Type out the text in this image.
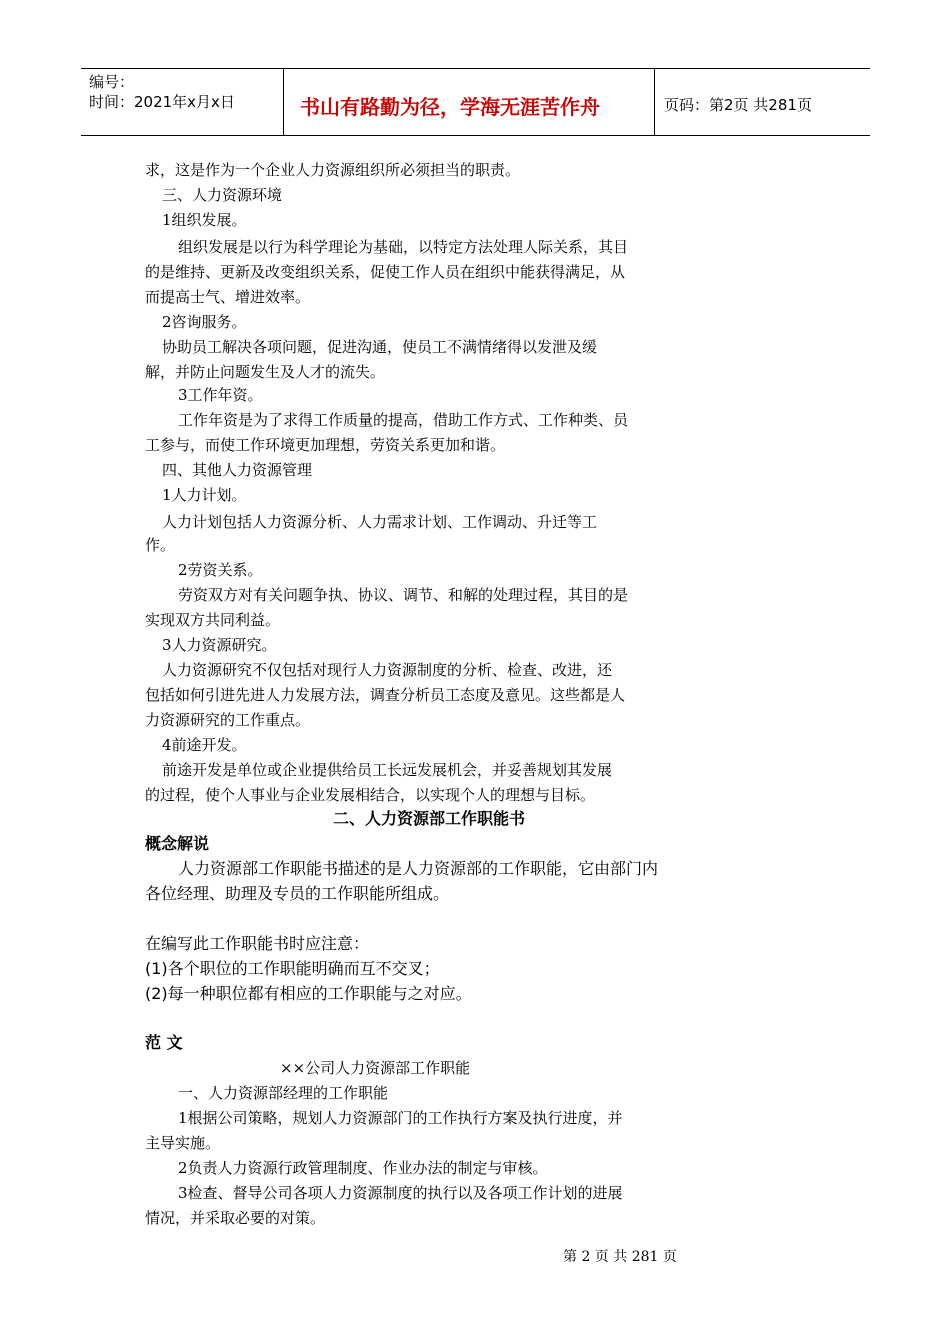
编号：
时间：2021年x月x日	书山有路勤为径，学海无涯苦作舟	页码：第2页 共281页
求，这是作为一个企业人力资源组织所必须担当的职责。
三、人力资源环境
1组织发展。
组织发展是以行为科学理论为基础，以特定方法处理人际关系，其目
的是维持、更新及改变组织关系，促使工作人员在组织中能获得满足，从
而提高士气、增进效率。
2咨询服务。
协助员工解决各项问题，促进沟通，使员工不满情绪得以发泄及缓
解，并防止问题发生及人才的流失。
3工作年资。
工作年资是为了求得工作质量的提高，借助工作方式、工作种类、员
工参与，而使工作环境更加理想，劳资关系更加和谐。
四、其他人力资源管理
1人力计划。
人力计划包括人力资源分析、人力需求计划、工作调动、升迁等工
作。
2劳资关系。
劳资双方对有关问题争执、协议、调节、和解的处理过程，其目的是
实现双方共同利益。
3人力资源研究。
人力资源研究不仅包括对现行人力资源制度的分析、检查、改进，还
包括如何引进先进人力发展方法，调查分析员工态度及意见。这些都是人
力资源研究的工作重点。
4前途开发。
前途开发是单位或企业提供给员工长远发展机会，并妥善规划其发展
的过程，使个人事业与企业发展相结合，以实现个人的理想与目标。
二、人力资源部工作职能书
概念解说
人力资源部工作职能书描述的是人力资源部的工作职能，它由部门内
各位经理、助理及专员的工作职能所组成。
在编写此工作职能书时应注意：
(1)各个职位的工作职能明确而互不交叉；
(2)每一种职位都有相应的工作职能与之对应。
范 文
××公司人力资源部工作职能
一、人力资源部经理的工作职能
1根据公司策略，规划人力资源部门的工作执行方案及执行进度，并
主导实施。
2负责人力资源行政管理制度、作业办法的制定与审核。
3检查、督导公司各项人力资源制度的执行以及各项工作计划的进展
情况，并采取必要的对策。
第 2 页 共 281 页
